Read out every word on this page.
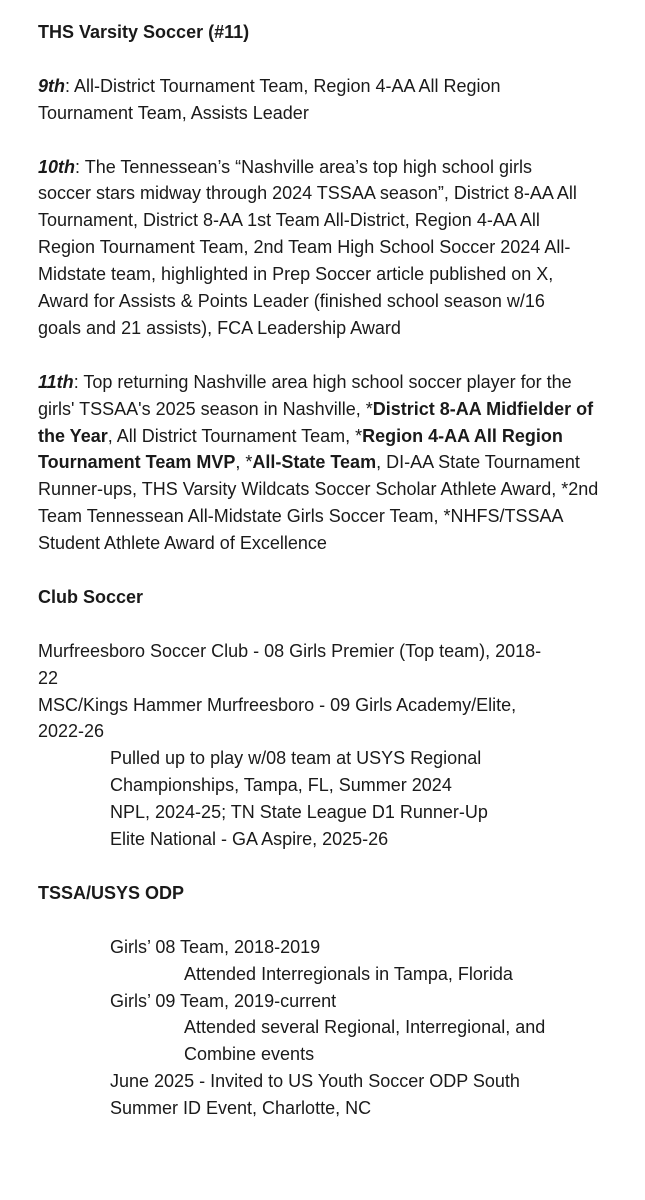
THS Varsity Soccer (#11)

9th: All-District Tournament Team, Region 4-AA All Region Tournament Team, Assists Leader

10th: The Tennessean’s “Nashville area’s top high school girls soccer stars midway through 2024 TSSAA season”, District 8-AA All Tournament, District 8-AA 1st Team All-District, Region 4-AA All Region Tournament Team, 2nd Team High School Soccer 2024 All-Midstate team, highlighted in Prep Soccer article published on X, Award for Assists & Points Leader (finished school season w/16 goals and 21 assists), FCA Leadership Award

11th: Top returning Nashville area high school soccer player for the girls' TSSAA's 2025 season in Nashville, *District 8-AA Midfielder of the Year, All District Tournament Team, *Region 4-AA All Region Tournament Team MVP, *All-State Team, DI-AA State Tournament Runner-ups, THS Varsity Wildcats Soccer Scholar Athlete Award, *2nd Team Tennessean All-Midstate Girls Soccer Team, *NHFS/TSSAA Student Athlete Award of Excellence

Club Soccer

Murfreesboro Soccer Club - 08 Girls Premier (Top team), 2018-22

MSC/Kings Hammer Murfreesboro - 09 Girls Academy/Elite, 2022-26

Pulled up to play w/08 team at USYS Regional Championships, Tampa, FL, Summer 2024

NPL, 2024-25; TN State League D1 Runner-Up

Elite National - GA Aspire, 2025-26

TSSA/USYS ODP

Girls’ 08 Team, 2018-2019

Attended Interregionals in Tampa, Florida

Girls’ 09 Team, 2019-current

Attended several Regional, Interregional, and Combine events

June 2025 - Invited to US Youth Soccer ODP South Summer ID Event, Charlotte, NC
